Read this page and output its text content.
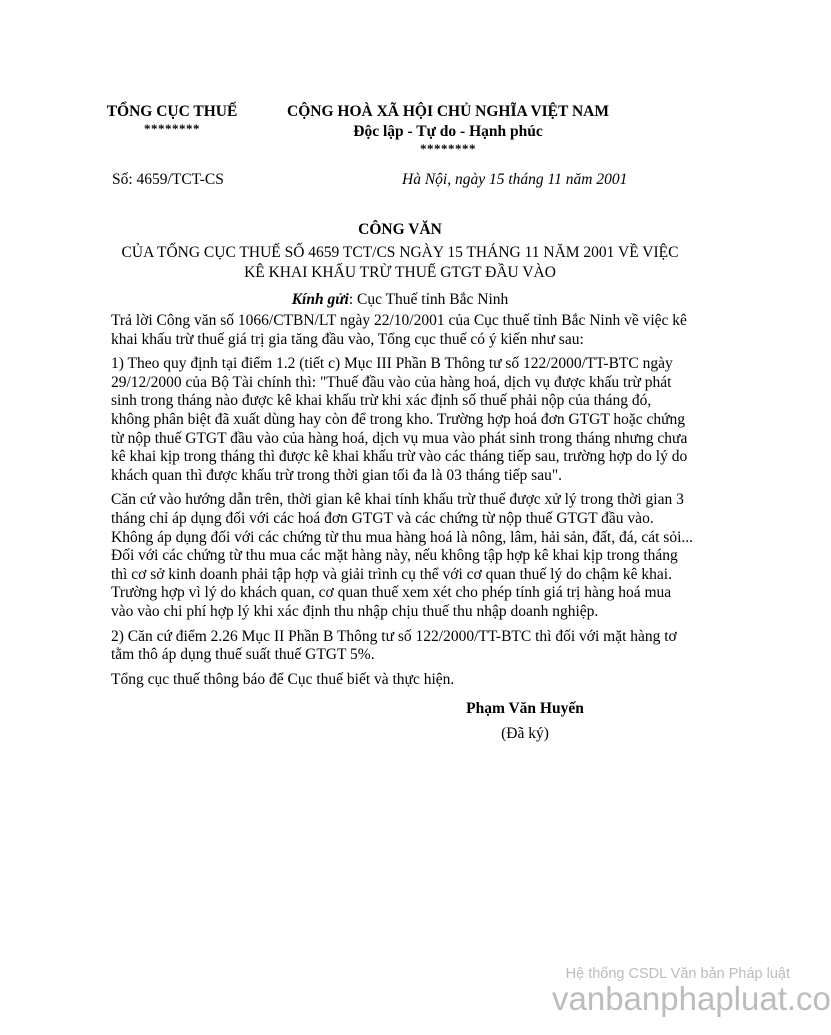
TỔNG CỤC THUẾ
********
CỘNG HOÀ XÃ HỘI CHỦ NGHĨA VIỆT NAM
Độc lập - Tự do - Hạnh phúc
********
Số: 4659/TCT-CS	Hà Nội, ngày 15 tháng 11 năm 2001
CÔNG VĂN
CỦA TỔNG CỤC THUẾ SỐ 4659 TCT/CS NGÀY 15 THÁNG 11 NĂM 2001 VỀ VIỆC KÊ KHAI KHẤU TRỪ THUẾ GTGT ĐẦU VÀO
Kính gửi: Cục Thuế tỉnh Bắc Ninh

Trả lời Công văn số 1066/CTBN/LT ngày 22/10/2001 của Cục thuế tỉnh Bắc Ninh về việc kê khai khấu trừ thuế giá trị gia tăng đầu vào, Tổng cục thuế có ý kiến như sau:

1) Theo quy định tại điểm 1.2 (tiết c) Mục III Phần B Thông tư số 122/2000/TT-BTC ngày 29/12/2000 của Bộ Tài chính thì: "Thuế đầu vào của hàng hoá, dịch vụ được khấu trừ phát sinh trong tháng nào được kê khai khấu trừ khi xác định số thuế phải nộp của tháng đó, không phân biệt đã xuất dùng hay còn để trong kho. Trường hợp hoá đơn GTGT hoặc chứng từ nộp thuế GTGT đầu vào của hàng hoá, dịch vụ mua vào phát sinh trong tháng nhưng chưa kê khai kịp trong tháng thì được kê khai khấu trừ vào các tháng tiếp sau, trường hợp do lý do khách quan thì được khấu trừ trong thời gian tối đa là 03 tháng tiếp sau".

Căn cứ vào hướng dẫn trên, thời gian kê khai tính khấu trừ thuế được xử lý trong thời gian 3 tháng chỉ áp dụng đối với các hoá đơn GTGT và các chứng từ nộp thuế GTGT đầu vào. Không áp dụng đối với các chứng từ thu mua hàng hoá là nông, lâm, hải sản, đất, đá, cát sỏi... Đối với các chứng từ thu mua các mặt hàng này, nếu không tập hợp kê khai kịp trong tháng thì cơ sở kinh doanh phải tập hợp và giải trình cụ thể với cơ quan thuế lý do chậm kê khai. Trường hợp vì lý do khách quan, cơ quan thuế xem xét cho phép tính giá trị hàng hoá mua vào vào chi phí hợp lý khi xác định thu nhập chịu thuế thu nhập doanh nghiệp.

2) Căn cứ điểm 2.26 Mục II Phần B Thông tư số 122/2000/TT-BTC thì đối với mặt hàng tơ tằm thô áp dụng thuế suất thuế GTGT 5%.

Tổng cục thuế thông báo để Cục thuế biết và thực hiện.

Phạm Văn Huyến
(Đã ký)
Hệ thống CSDL Văn bản Pháp luật
vanbanphapluat.co
